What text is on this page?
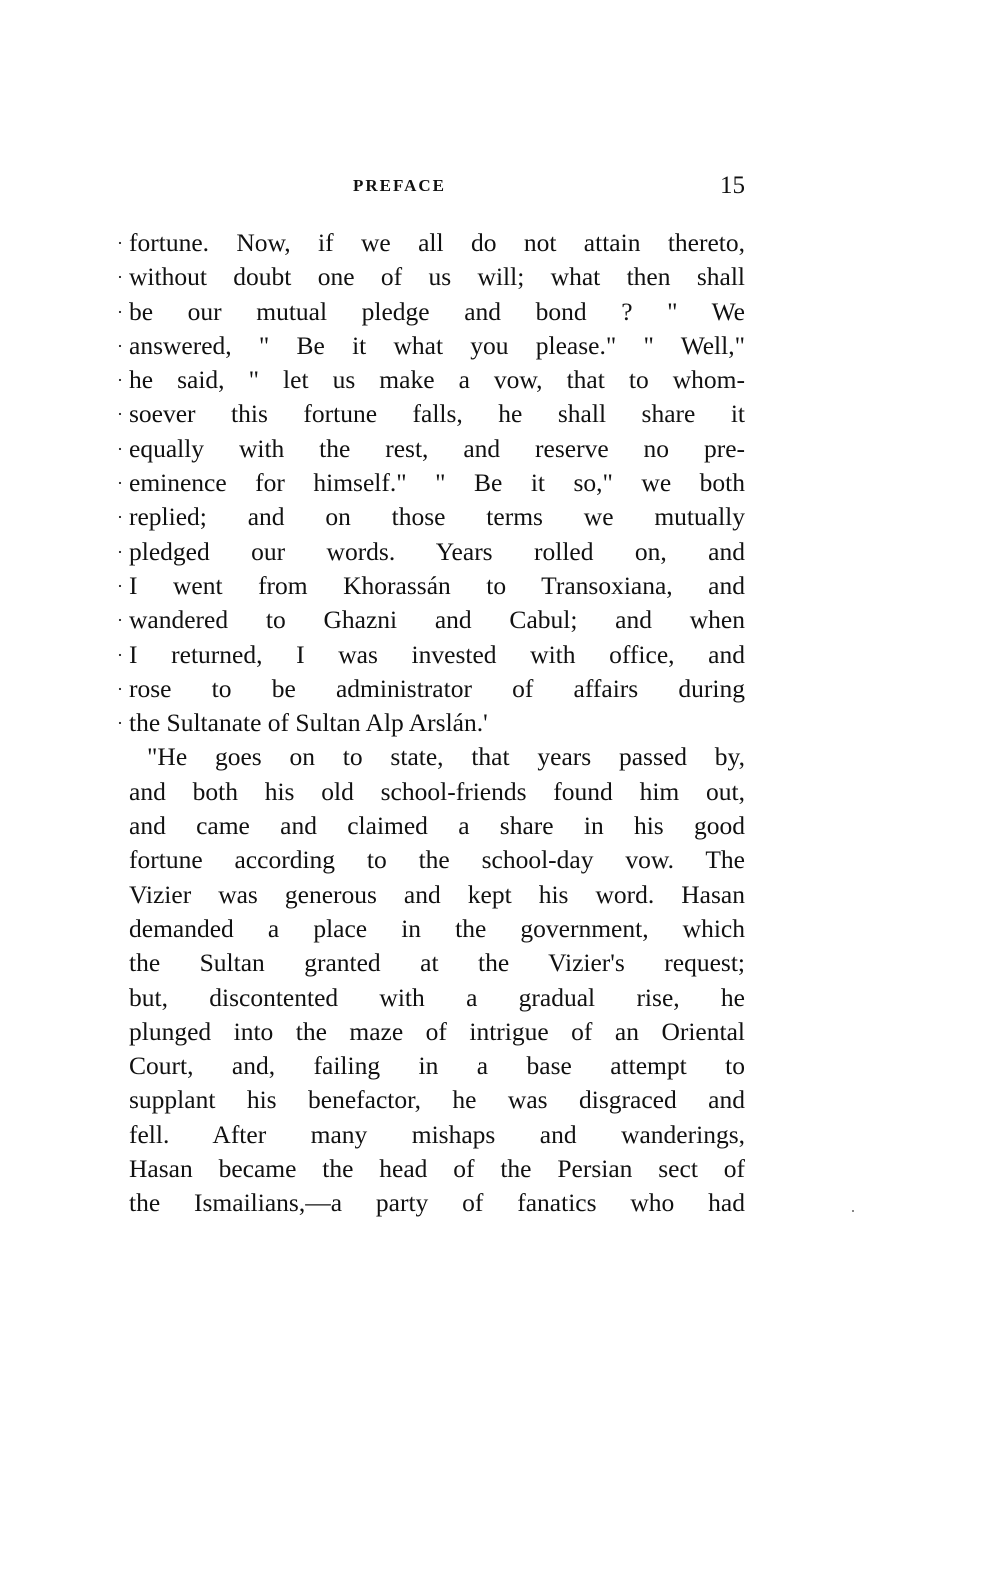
PREFACE	15
· fortune. Now, if we all do not attain thereto,
· without doubt one of us will; what then shall
· be our mutual pledge and bond ? " We
· answered, " Be it what you please." " Well,"
· he said, " let us make a vow, that to whom-
· soever this fortune falls, he shall share it
· equally with the rest, and reserve no pre-
· eminence for himself." " Be it so," we both
· replied; and on those terms we mutually
· pledged our words. Years rolled on, and
· I went from Khorassán to Transoxiana, and
· wandered to Ghazni and Cabul; and when
· I returned, I was invested with office, and
· rose to be administrator of affairs during
· the Sultanate of Sultan Alp Arslán.'
"He goes on to state, that years passed by,
and both his old school-friends found him out,
and came and claimed a share in his good
fortune according to the school-day vow. The
Vizier was generous and kept his word. Hasan
demanded a place in the government, which
the Sultan granted at the Vizier's request;
but, discontented with a gradual rise, he
plunged into the maze of intrigue of an Oriental
Court, and, failing in a base attempt to
supplant his benefactor, he was disgraced and
fell. After many mishaps and wanderings,
Hasan became the head of the Persian sect of
the Ismailians,—a party of fanatics who had
